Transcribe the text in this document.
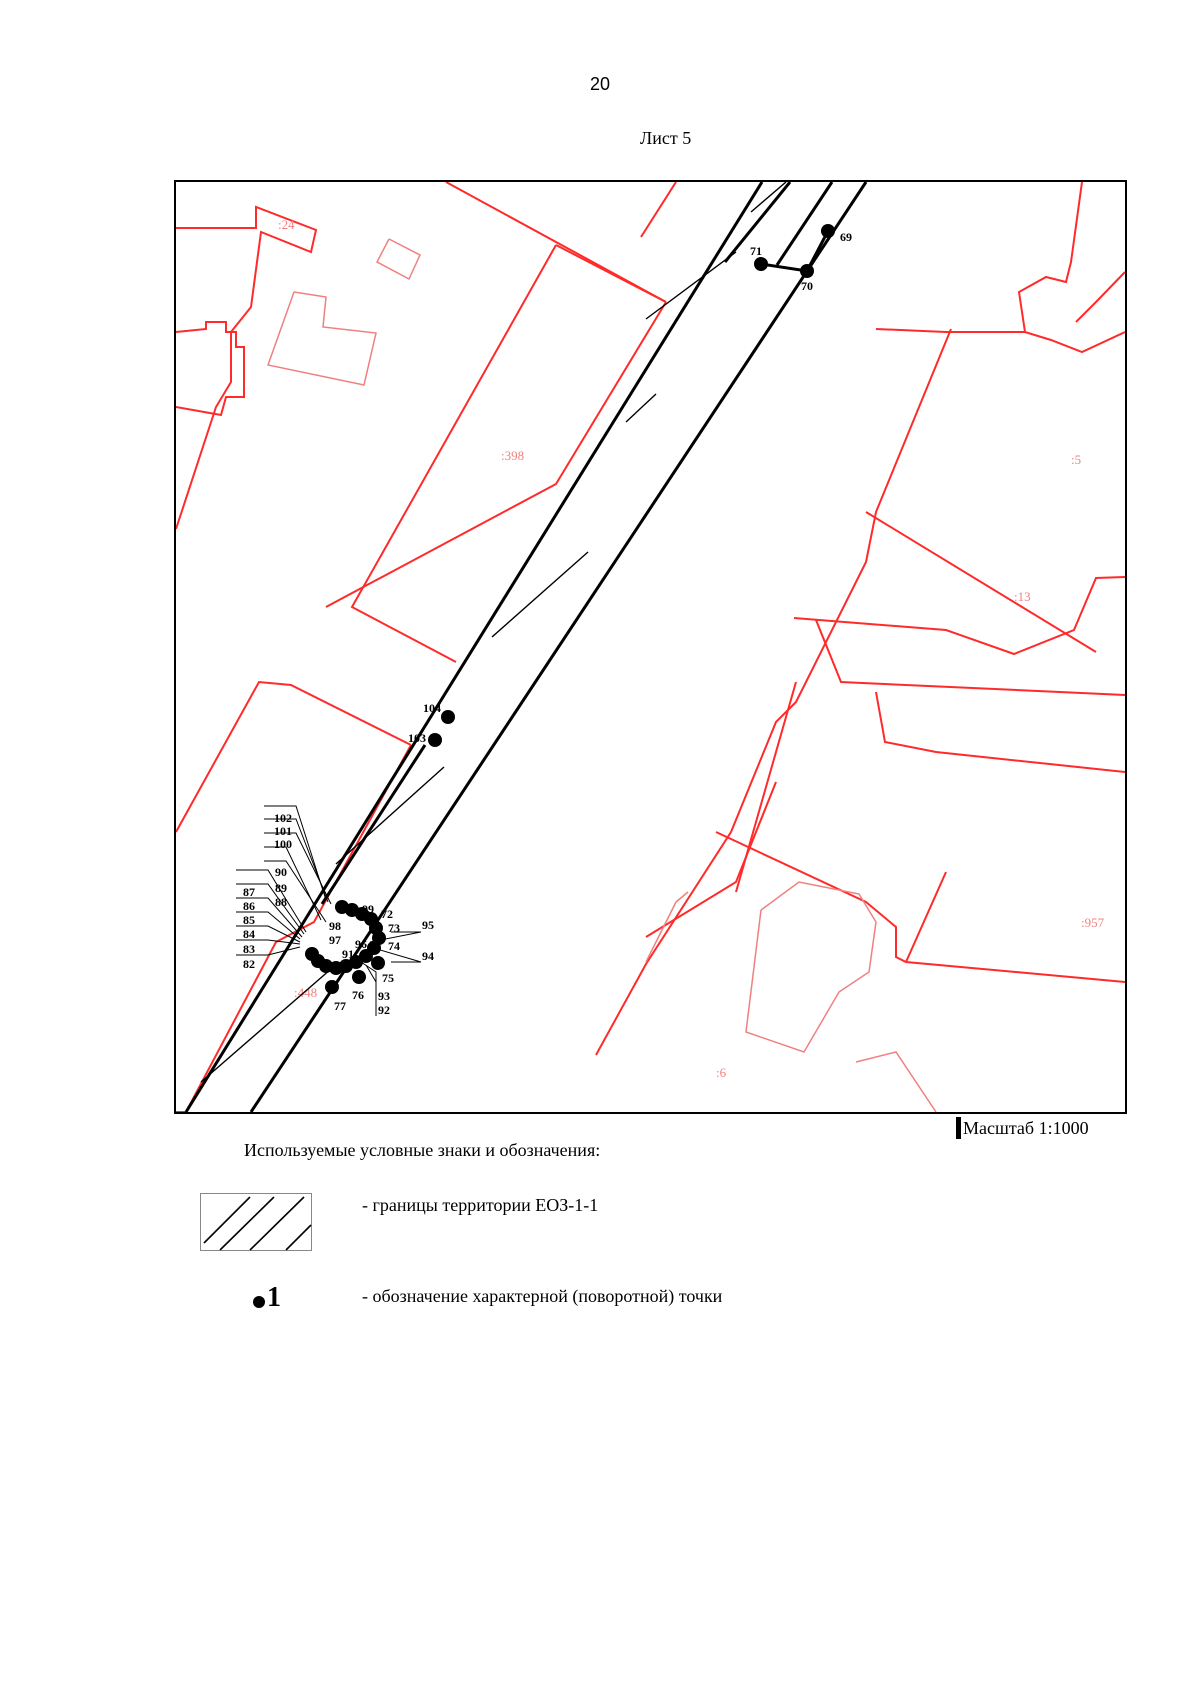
20
Лист 5
:24
:398	:5
:13
:957
:6
:448
69
70
71
72
73
74
75
76
77
82
83
84
85
86
87
88
89
90
91
92
93
94
95
96
97
98
99
100
101
102
103
104
Масштаб 1:1000
Используемые условные знаки и обозначения:
- границы территории ЕОЗ-1-1
1	- обозначение характерной (поворотной) точки
